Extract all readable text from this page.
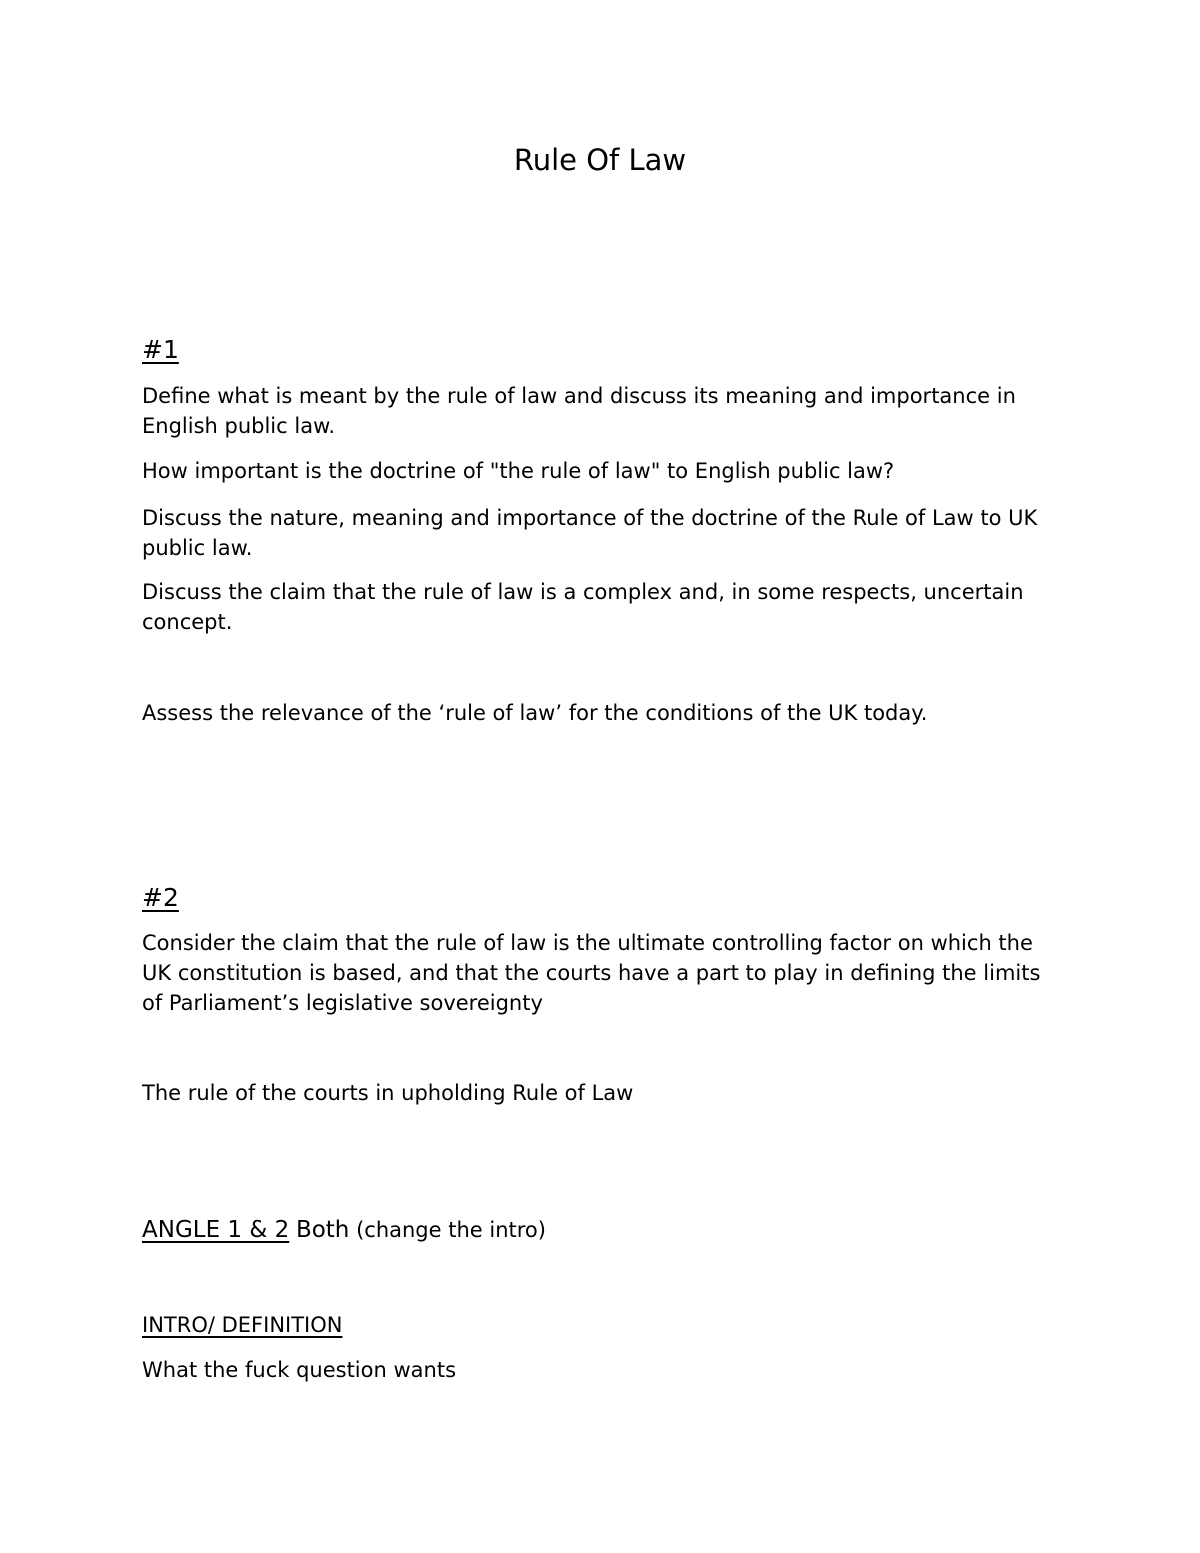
Rule Of Law
#1
Define what is meant by the rule of law and discuss its meaning and importance in English public law.
How important is the doctrine of "the rule of law" to English public law?
Discuss the nature, meaning and importance of the doctrine of the Rule of Law to UK public law.
Discuss the claim that the rule of law is a complex and, in some respects, uncertain concept.
Assess the relevance of the ‘rule of law’ for the conditions of the UK today.
#2
Consider the claim that the rule of law is the ultimate controlling factor on which the UK constitution is based, and that the courts have a part to play in defining the limits of Parliament’s legislative sovereignty
The rule of the courts in upholding Rule of Law
ANGLE 1 & 2 Both (change the intro)
INTRO/ DEFINITION
What the fuck question wants
